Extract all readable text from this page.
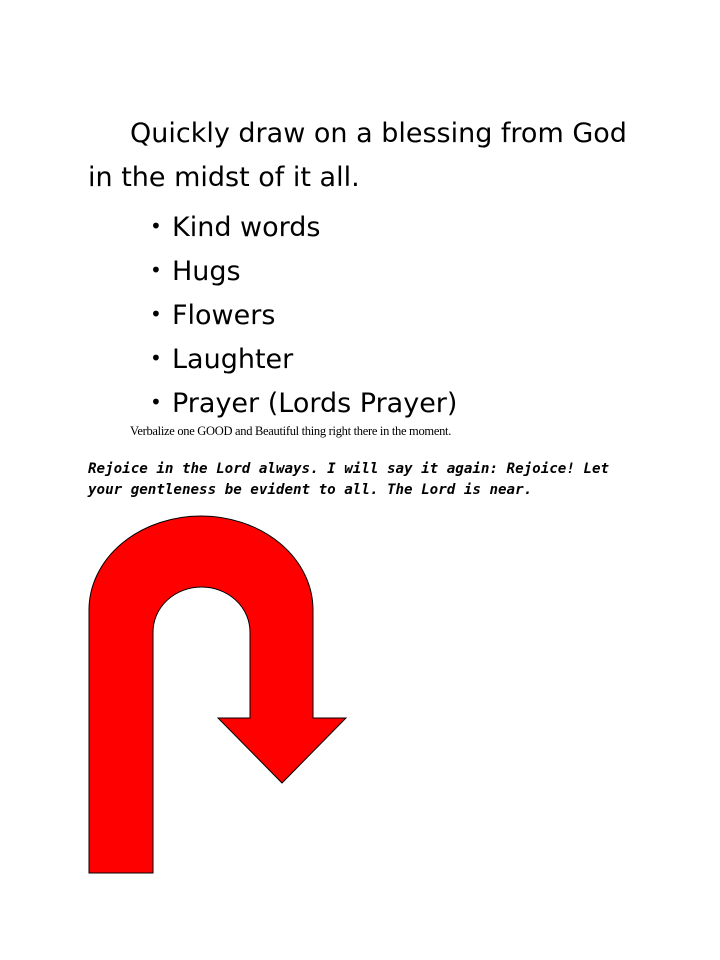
Quickly draw on a blessing from God in the midst of it all.

• Kind words
• Hugs
• Flowers
• Laughter
• Prayer (Lords Prayer)

Verbalize one GOOD and Beautiful thing right there in the moment.

Rejoice in the Lord always. I will say it again: Rejoice! Let your gentleness be evident to all. The Lord is near.
